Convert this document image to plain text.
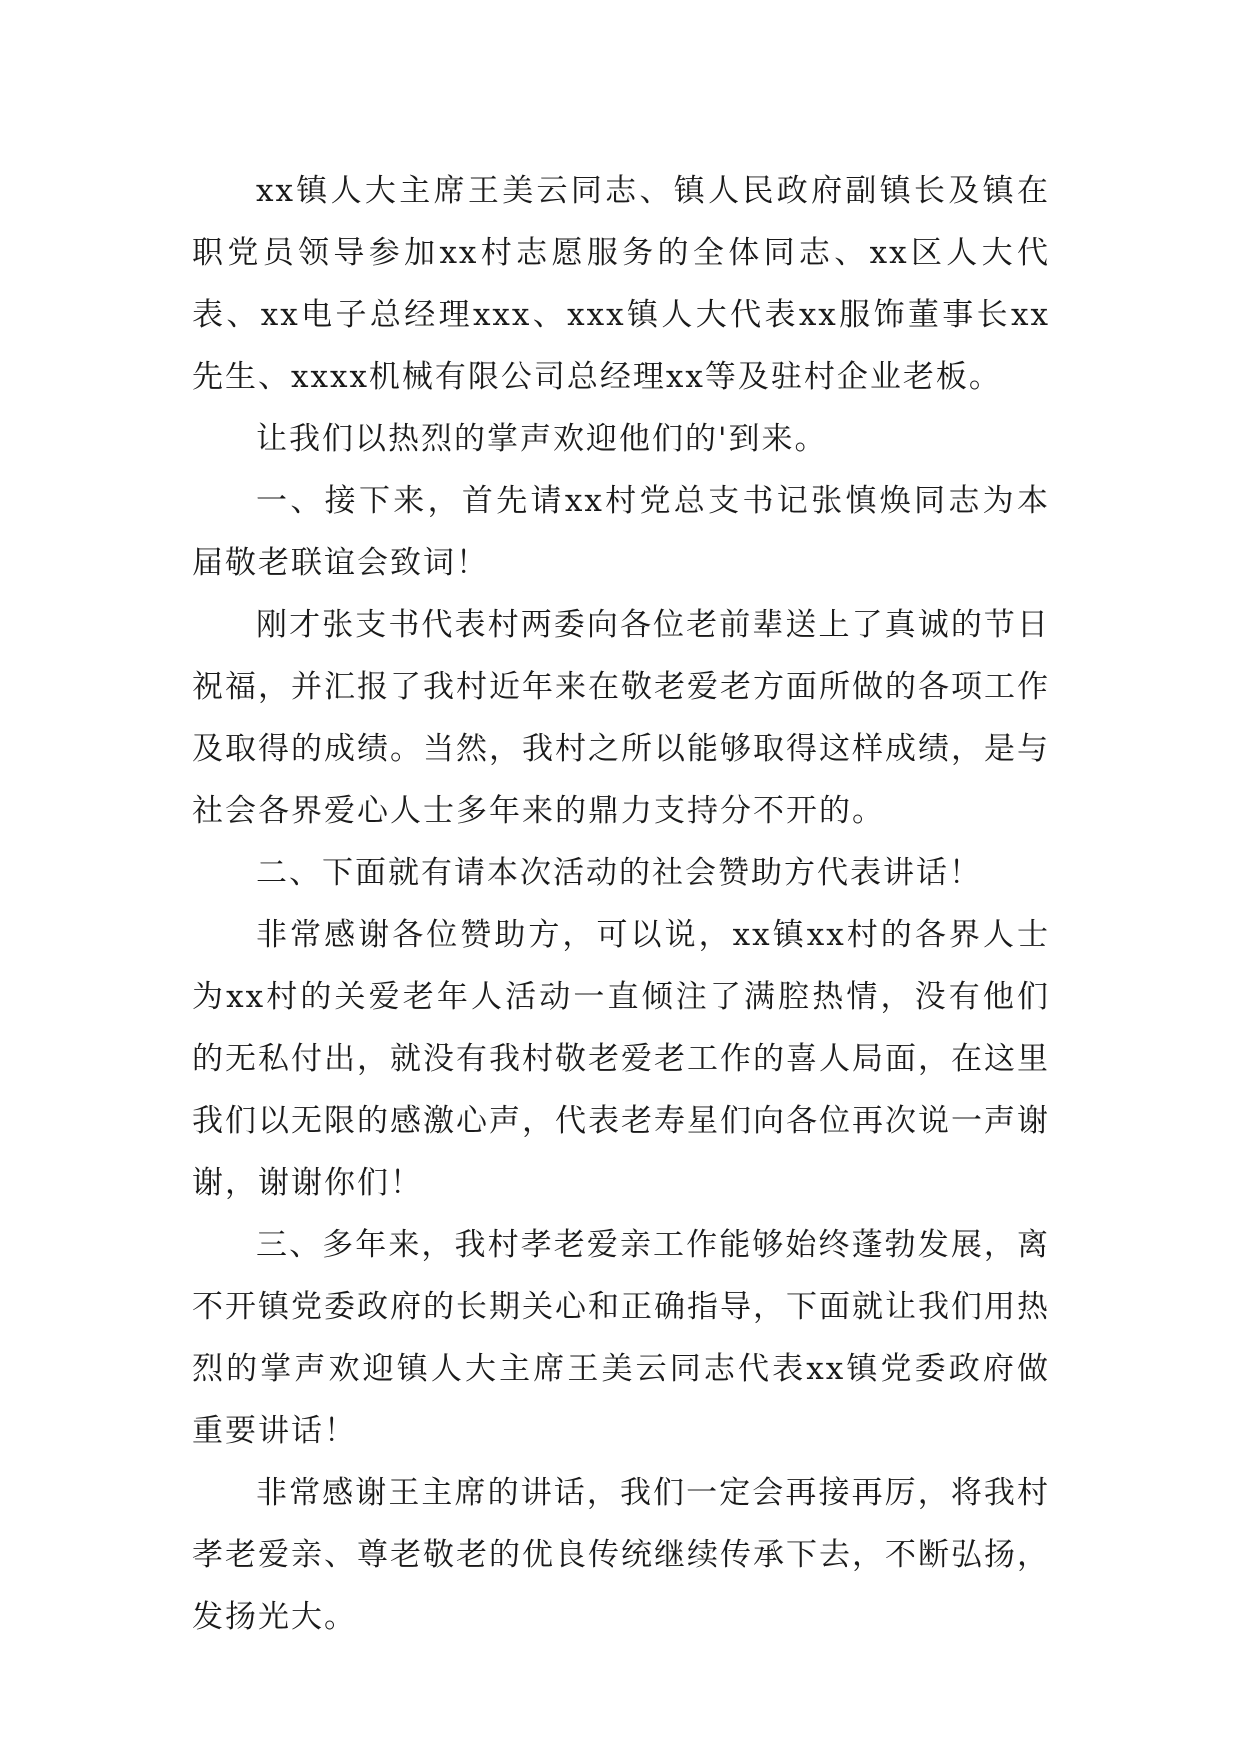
xx镇人大主席王美云同志、镇人民政府副镇长及镇在职党员领导参加xx村志愿服务的全体同志、xx区人大代表、xx电子总经理xxx、xxx镇人大代表xx服饰董事长xx先生、xxxx机械有限公司总经理xx等及驻村企业老板。

让我们以热烈的掌声欢迎他们的'到来。

一、接下来，首先请xx村党总支书记张慎焕同志为本届敬老联谊会致词！

刚才张支书代表村两委向各位老前辈送上了真诚的节日祝福，并汇报了我村近年来在敬老爱老方面所做的各项工作及取得的成绩。当然，我村之所以能够取得这样成绩，是与社会各界爱心人士多年来的鼎力支持分不开的。

二、下面就有请本次活动的社会赞助方代表讲话！

非常感谢各位赞助方，可以说，xx镇xx村的各界人士为xx村的关爱老年人活动一直倾注了满腔热情，没有他们的无私付出，就没有我村敬老爱老工作的喜人局面，在这里我们以无限的感激心声，代表老寿星们向各位再次说一声谢谢，谢谢你们！

三、多年来，我村孝老爱亲工作能够始终蓬勃发展，离不开镇党委政府的长期关心和正确指导，下面就让我们用热烈的掌声欢迎镇人大主席王美云同志代表xx镇党委政府做重要讲话！

非常感谢王主席的讲话，我们一定会再接再厉，将我村孝老爱亲、尊老敬老的优良传统继续传承下去，不断弘扬，发扬光大。
